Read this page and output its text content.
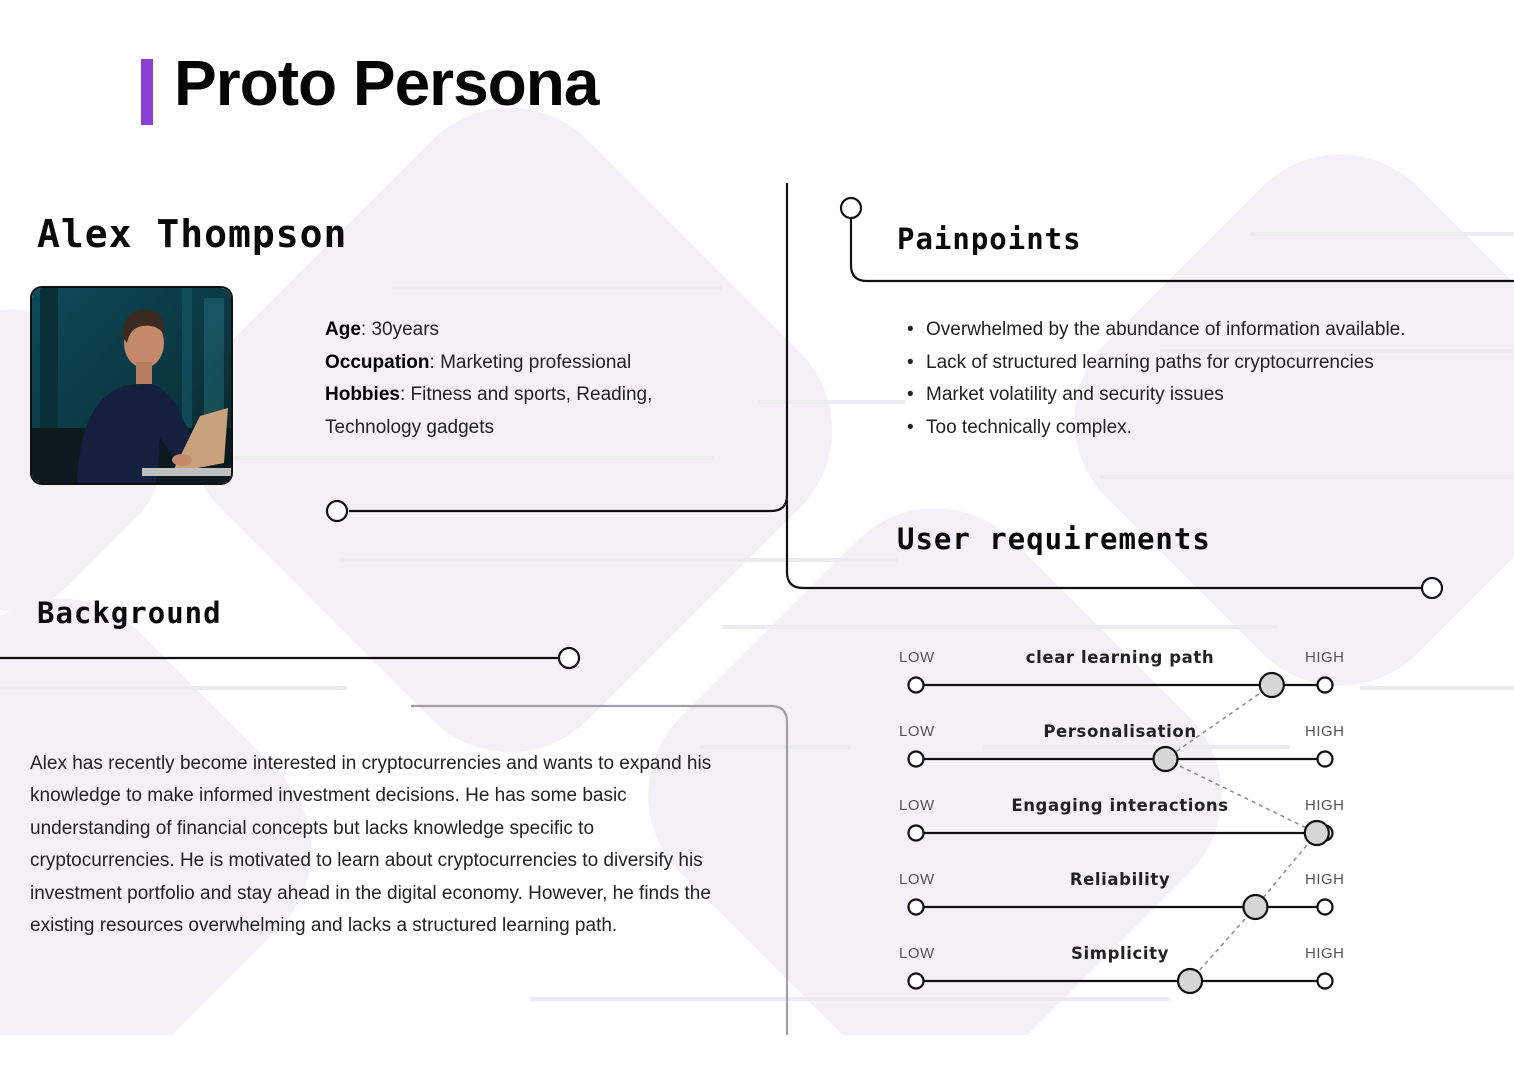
Proto Persona
Alex Thompson
Age: 30years
Occupation: Marketing professional
Hobbies: Fitness and sports, Reading, Technology gadgets
Painpoints
• Overwhelmed by the abundance of information available.
• Lack of structured learning paths for cryptocurrencies
• Market volatility and security issues
• Too technically complex.
User requirements
LOW	HIGH
clear learning path
LOW	HIGH
Personalisation
LOW	HIGH
Engaging interactions
LOW	HIGH
Reliability
LOW	HIGH
Simplicity
Background

Alex has recently become interested in cryptocurrencies and wants to expand his knowledge to make informed investment decisions. He has some basic understanding of financial concepts but lacks knowledge specific to cryptocurrencies. He is motivated to learn about cryptocurrencies to diversify his investment portfolio and stay ahead in the digital economy. However, he finds the existing resources overwhelming and lacks a structured learning path.
